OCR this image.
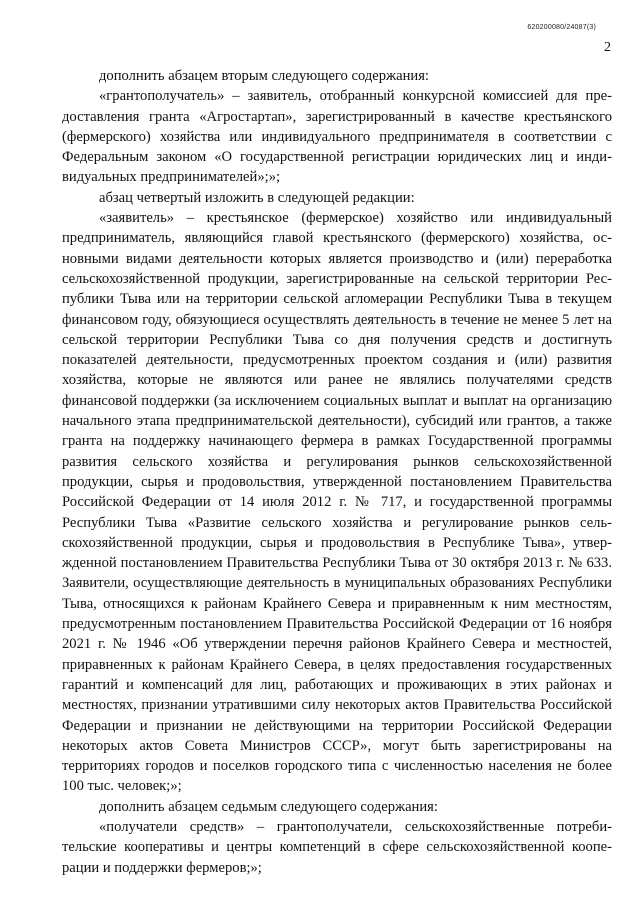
620200080/24087(3)
2

дополнить абзацем вторым следующего содержания:

«грантополучатель» – заявитель, отобранный конкурсной комиссией для предоставления гранта «Агростартап», зарегистрированный в качестве крестьянского (фермерского) хозяйства или индивидуального предпринимателя в соответствии с Федеральным законом «О государственной регистрации юридических лиц и индивидуальных предпринимателей»;»;

абзац четвертый изложить в следующей редакции:

«заявитель» – крестьянское (фермерское) хозяйство или индивидуальный предприниматель, являющийся главой крестьянского (фермерского) хозяйства, основными видами деятельности которых является производство и (или) переработка сельскохозяйственной продукции, зарегистрированные на сельской территории Республики Тыва или на территории сельской агломерации Республики Тыва в текущем финансовом году, обязующиеся осуществлять деятельность в течение не менее 5 лет на сельской территории Республики Тыва со дня получения средств и достигнуть показателей деятельности, предусмотренных проектом создания и (или) развития хозяйства, которые не являются или ранее не являлись получателями средств финансовой поддержки (за исключением социальных выплат и выплат на организацию начального этапа предпринимательской деятельности), субсидий или грантов, а также гранта на поддержку начинающего фермера в рамках Государственной программы развития сельского хозяйства и регулирования рынков сельскохозяйственной продукции, сырья и продовольствия, утвержденной постановлением Правительства Российской Федерации от 14 июля 2012 г. № 717, и государственной программы Республики Тыва «Развитие сельского хозяйства и регулирование рынков сельскохозяйственной продукции, сырья и продовольствия в Республике Тыва», утвержденной постановлением Правительства Республики Тыва от 30 октября 2013 г. № 633. Заявители, осуществляющие деятельность в муниципальных образованиях Республики Тыва, относящихся к районам Крайнего Севера и приравненным к ним местностям, предусмотренным постановлением Правительства Российской Федерации от 16 ноября 2021 г. № 1946 «Об утверждении перечня районов Крайнего Севера и местностей, приравненных к районам Крайнего Севера, в целях предоставления государственных гарантий и компенсаций для лиц, работающих и проживающих в этих районах и местностях, признании утратившими силу некоторых актов Правительства Российской Федерации и признании не действующими на территории Российской Федерации некоторых актов Совета Министров СССР», могут быть зарегистрированы на территориях городов и поселков городского типа с численностью населения не более 100 тыс. человек;»;

дополнить абзацем седьмым следующего содержания:

«получатели средств» – грантополучатели, сельскохозяйственные потребительские кооперативы и центры компетенций в сфере сельскохозяйственной кооперации и поддержки фермеров;»;
